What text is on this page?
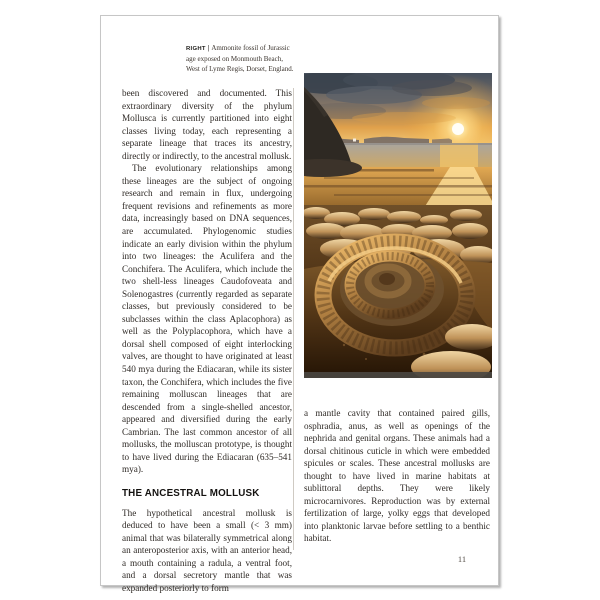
RIGHT | Ammonite fossil of Jurassic age exposed on Monmouth Beach, West of Lyme Regis, Dorset, England.

been discovered and documented. This extraordinary diversity of the phylum Mollusca is currently partitioned into eight classes living today, each representing a separate lineage that traces its ancestry, directly or indirectly, to the ancestral mollusk.

The evolutionary relationships among these lineages are the subject of ongoing research and remain in flux, undergoing frequent revisions and refinements as more data, increasingly based on DNA sequences, are accumulated. Phylogenomic studies indicate an early division within the phylum into two lineages: the Aculifera and the Conchifera. The Aculifera, which include the two shell-less lineages Caudofoveata and Solenogastres (currently regarded as separate classes, but previously considered to be subclasses within the class Aplacophora) as well as the Polyplacophora, which have a dorsal shell composed of eight interlocking valves, are thought to have originated at least 540 mya during the Ediacaran, while its sister taxon, the Conchifera, which includes the five remaining molluscan lineages that are descended from a single-shelled ancestor, appeared and diversified during the early Cambrian. The last common ancestor of all mollusks, the molluscan prototype, is thought to have lived during the Ediacaran (635–541 mya).

THE ANCESTRAL MOLLUSK

The hypothetical ancestral mollusk is deduced to have been a small (< 3 mm) animal that was bilaterally symmetrical along an anteroposterior axis, with an anterior head, a mouth containing a radula, a ventral foot, and a dorsal secretory mantle that was expanded posteriorly to form

a mantle cavity that contained paired gills, osphradia, anus, as well as openings of the nephrida and genital organs. These animals had a dorsal chitinous cuticle in which were embedded spicules or scales. These ancestral mollusks are thought to have lived in marine habitats at sublittoral depths. They were likely microcarnivores. Reproduction was by external fertilization of large, yolky eggs that developed into planktonic larvae before settling to a benthic habitat.

11
